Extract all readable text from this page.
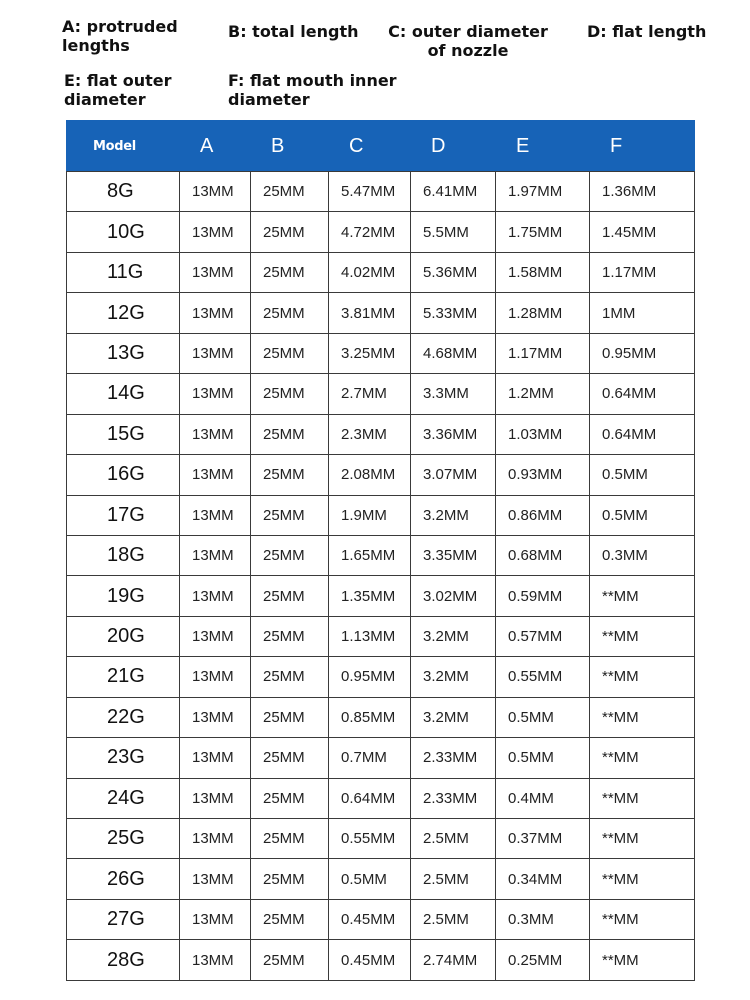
A: protruded lengths
B: total length	C: outer diameter of nozzle
D: flat length
E: flat outer diameter
F: flat mouth inner diameter
Model	A	B	C	D	E	F
8G	13MM	25MM	5.47MM	6.41MM	1.97MM	1.36MM
10G	13MM	25MM	4.72MM	5.5MM	1.75MM	1.45MM
11G	13MM	25MM	4.02MM	5.36MM	1.58MM	1.17MM
12G	13MM	25MM	3.81MM	5.33MM	1.28MM	1MM
13G	13MM	25MM	3.25MM	4.68MM	1.17MM	0.95MM
14G	13MM	25MM	2.7MM	3.3MM	1.2MM	0.64MM
15G	13MM	25MM	2.3MM	3.36MM	1.03MM	0.64MM
16G	13MM	25MM	2.08MM	3.07MM	0.93MM	0.5MM
17G	13MM	25MM	1.9MM	3.2MM	0.86MM	0.5MM
18G	13MM	25MM	1.65MM	3.35MM	0.68MM	0.3MM
19G	13MM	25MM	1.35MM	3.02MM	0.59MM	**MM
20G	13MM	25MM	1.13MM	3.2MM	0.57MM	**MM
21G	13MM	25MM	0.95MM	3.2MM	0.55MM	**MM
22G	13MM	25MM	0.85MM	3.2MM	0.5MM	**MM
23G	13MM	25MM	0.7MM	2.33MM	0.5MM	**MM
24G	13MM	25MM	0.64MM	2.33MM	0.4MM	**MM
25G	13MM	25MM	0.55MM	2.5MM	0.37MM	**MM
26G	13MM	25MM	0.5MM	2.5MM	0.34MM	**MM
27G	13MM	25MM	0.45MM	2.5MM	0.3MM	**MM
28G	13MM	25MM	0.45MM	2.74MM	0.25MM	**MM
